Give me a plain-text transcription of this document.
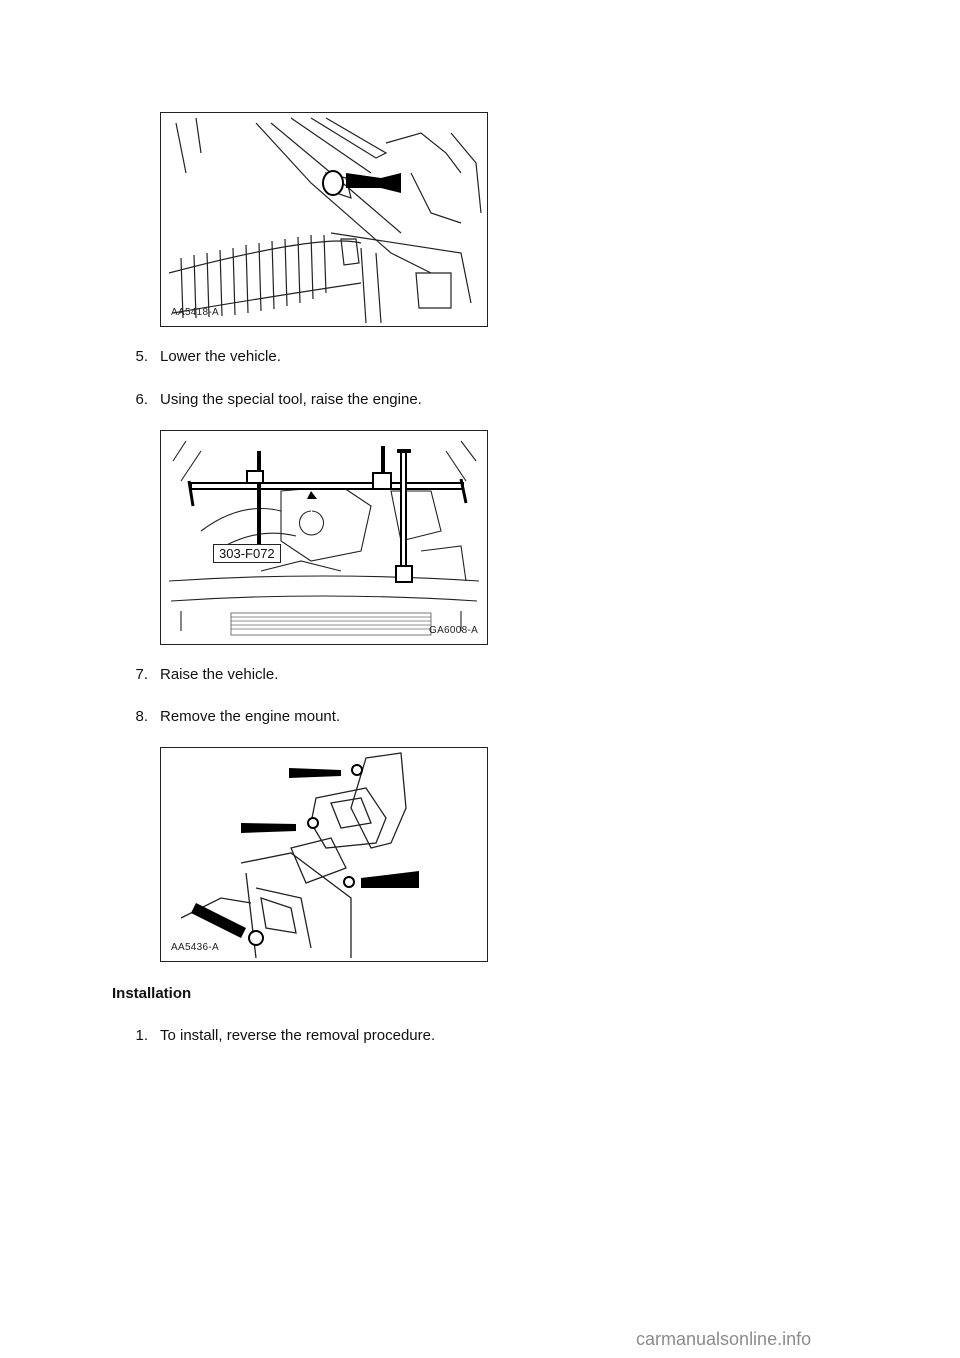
AA5418-A
5. Lower the vehicle.
6. Using the special tool, raise the engine.
303-F072
GA6008-A
7. Raise the vehicle.
8. Remove the engine mount.
AA5436-A
Installation
1. To install, reverse the removal procedure.
carmanualsonline.info
